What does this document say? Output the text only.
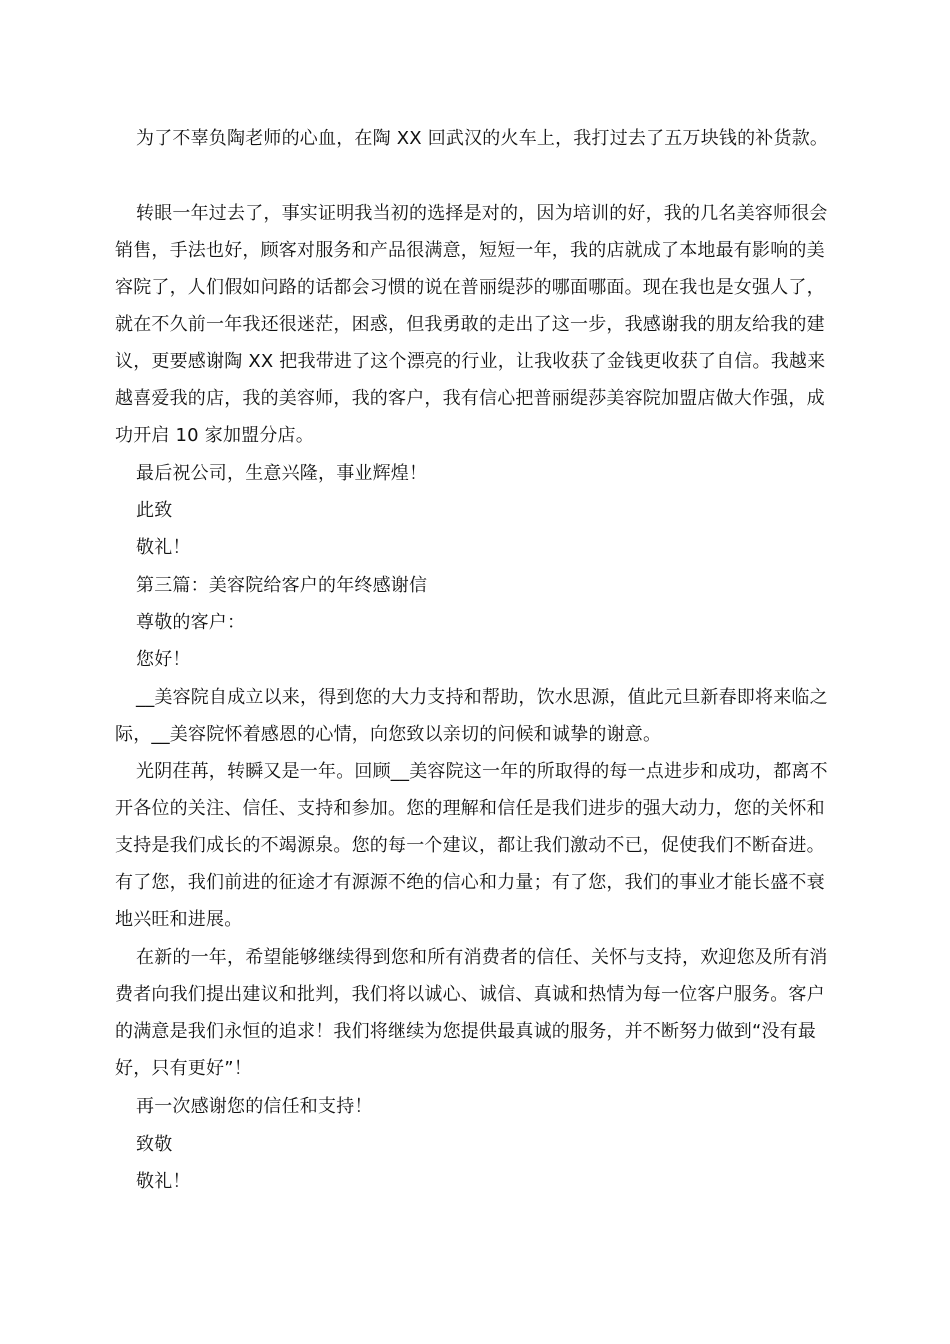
为了不辜负陶老师的心血，在陶 XX 回武汉的火车上，我打过去了五万块钱的补货款。

转眼一年过去了，事实证明我当初的选择是对的，因为培训的好，我的几名美容师很会销售，手法也好，顾客对服务和产品很满意，短短一年，我的店就成了本地最有影响的美容院了，人们假如问路的话都会习惯的说在普丽缇莎的哪面哪面。现在我也是女强人了，就在不久前一年我还很迷茫，困惑，但我勇敢的走出了这一步，我感谢我的朋友给我的建议，更要感谢陶 XX 把我带进了这个漂亮的行业，让我收获了金钱更收获了自信。我越来越喜爱我的店，我的美容师，我的客户，我有信心把普丽缇莎美容院加盟店做大作强，成功开启 10 家加盟分店。

最后祝公司，生意兴隆，事业辉煌！

此致

敬礼！

第三篇：美容院给客户的年终感谢信

尊敬的客户：

您好！

__美容院自成立以来，得到您的大力支持和帮助，饮水思源，值此元旦新春即将来临之际，__美容院怀着感恩的心情，向您致以亲切的问候和诚挚的谢意。

光阴荏苒，转瞬又是一年。回顾__美容院这一年的所取得的每一点进步和成功，都离不开各位的关注、信任、支持和参加。您的理解和信任是我们进步的强大动力，您的关怀和支持是我们成长的不竭源泉。您的每一个建议，都让我们激动不已，促使我们不断奋进。有了您，我们前进的征途才有源源不绝的信心和力量；有了您，我们的事业才能长盛不衰地兴旺和进展。

在新的一年，希望能够继续得到您和所有消费者的信任、关怀与支持，欢迎您及所有消费者向我们提出建议和批判，我们将以诚心、诚信、真诚和热情为每一位客户服务。客户的满意是我们永恒的追求！我们将继续为您提供最真诚的服务，并不断努力做到“没有最好，只有更好”！

再一次感谢您的信任和支持！

致敬

敬礼！
